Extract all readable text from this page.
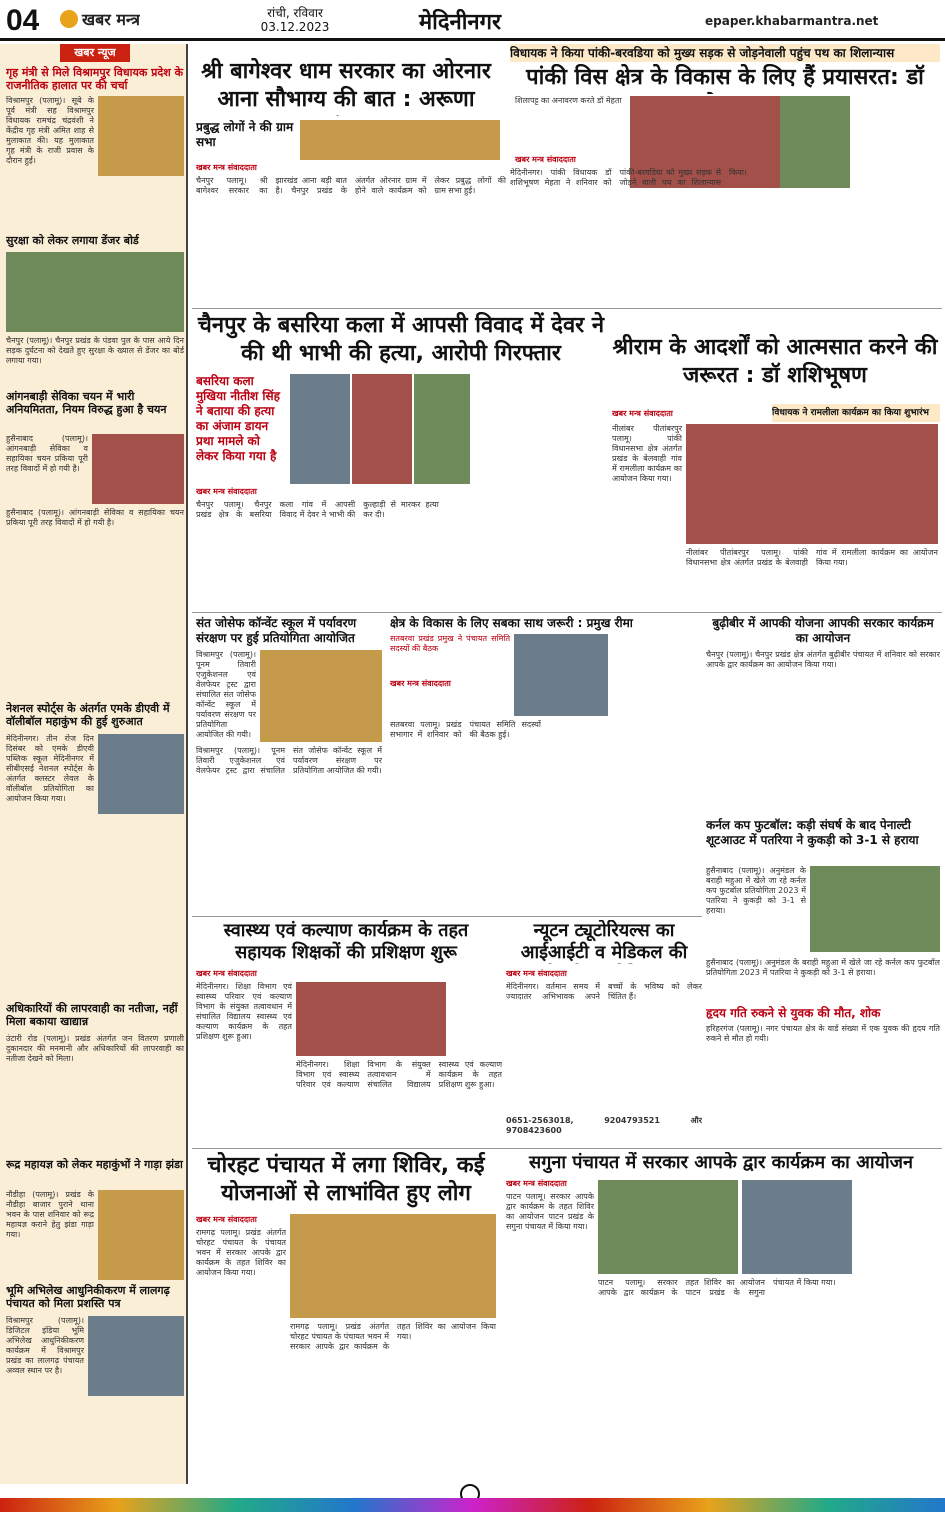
04	खबर मन्त्र	रांची, रविवार
03.12.2023	मेदिनीनगर	epaper.khabarmantra.net
खबर न्यूज
गृह मंत्री से मिले विश्रामपुर विधायक प्रदेश के राजनीतिक हालात पर की चर्चा
विश्रामपुर (पलामू)। सूबे के पूर्व मंत्री सह विश्रामपुर विधायक रामचंद्र चंद्रवंशी ने केंद्रीय गृह मंत्री अमित शाह से मुलाकात की। यह मुलाकात गृह मंत्री के राजी प्रवास के दौरान हुई।
सुरक्षा को लेकर लगाया डेंजर बोर्ड
चैनपुर (पलामू)। चैनपुर प्रखंड के पंडवा पुल के पास आये दिन सड़क दुर्घटना को देखते हुए सुरक्षा के ख्याल से डेंजर का बोर्ड लगाया गया।
आंगनबाड़ी सेविका चयन में भारी अनियमितता, नियम विरुद्ध हुआ है चयन
हुसैनाबाद (पलामू)। आंगनबाड़ी सेविका व सहायिका चयन प्रकिया पूरी तरह विवादों में हो गयी है।
हुसैनाबाद (पलामू)। आंगनबाड़ी सेविका व सहायिका चयन प्रकिया पूरी तरह विवादों में हो गयी है।
नेशनल स्पोर्ट्स के अंतर्गत एमके डीएवी में वॉलीबॉल महाकुंभ की हुई शुरुआत
मेदिनीनगर। तीन रोज दिन दिसंबर को एमके डीएवी पब्लिक स्कूल मेदिनीनगर में सीबीएसई नेशनल स्पोर्ट्स के अंतर्गत क्लस्टर लेवल के वॉलीबॉल प्रतियोगिता का आयोजन किया गया।
अधिकारियों की लापरवाही का नतीजा, नहीं मिला बकाया खाद्यान्न
उंटारी रोड (पलामू)। प्रखंड अंतर्गत जन वितरण प्रणाली दुकानदार की मनमानी और अधिकारियों की लापरवाही का नतीजा देखने को मिला।
रूद्र महायज्ञ को लेकर महाकुंभों ने गाड़ा झंडा
नौडीहा (पलामू)। प्रखंड के नौडीहा बाजार पुराने थाना भवन के पास शनिवार को रूद्र महायज्ञ कराने हेतु झंडा गाड़ा गया।
भूमि अभिलेख आधुनिकीकरण में लालगढ़ पंचायत को मिला प्रशस्ति पत्र
विश्रामपुर (पलामू)। डिजिटल इंडिया भूमि अभिलेख आधुनिकीकरण कार्यक्रम में विश्रामपुर प्रखंड का लालगढ़ पंचायत अव्वल स्थान पर है।
विधायक ने किया पांकी-बरवडिया को मुख्य सड़क से जोड़नेवाली पहुंच पथ का शिलान्यास
श्री बागेश्वर धाम सरकार का ओरनार आना सौभाग्य की बात : अरूणा
प्रबुद्ध लोगों ने की ग्राम सभा
खबर मन्त्र संवाददाता
चैनपुर पलामू। श्री बागेश्वर सरकार का झारखंड आना बड़ी बात है। चैनपुर प्रखंड के अंतर्गत ओरनार ग्राम में होने वाले कार्यक्रम को लेकर प्रबुद्ध लोगों की ग्राम सभा हुई।
पांकी विस क्षेत्र के विकास के लिए हैं प्रयासरत: डॉ
शिलापट्ट का अनावरण करते डॉ मेहता
खबर मन्त्र संवाददाता
मेदिनीनगर। पांकी विधायक डॉ शशिभूषण मेहता ने शनिवार को पांकी-बरवडिया को मुख्य सड़क से जोड़ने वाली पथ का शिलान्यास किया।
चैनपुर के बसरिया कला में आपसी विवाद में देवर ने की थी भाभी की हत्या, आरोपी गिरफ्तार
बसरिया कला मुखिया नीतीश सिंह ने बताया की हत्या का अंजाम डायन प्रथा मामले को लेकर किया गया है
खबर मन्त्र संवाददाता
चैनपुर पलामू। चैनपुर प्रखंड क्षेत्र के बसरिया कला गांव में आपसी विवाद में देवर ने भाभी की कुल्हाड़ी से मारकर हत्या कर दी।
श्रीराम के आदर्शों को आत्मसात करने की जरूरत : डॉ शशिभूषण
खबर मन्त्र संवाददाता	विधायक ने रामलीला कार्यक्रम का किया शुभारंभ
नीलांबर पीतांबरपुर पलामू। पांकी विधानसभा क्षेत्र अंतर्गत प्रखंड के बेलवाही गांव में रामलीला कार्यक्रम का आयोजन किया गया।
नीलांबर पीतांबरपुर पलामू। पांकी विधानसभा क्षेत्र अंतर्गत प्रखंड के बेलवाही गांव में रामलीला कार्यक्रम का आयोजन किया गया।
संत जोसेफ कॉन्वेंट स्कूल में पर्यावरण संरक्षण पर हुई प्रतियोगिता आयोजित
विश्रामपुर (पलामू)। पूनम तिवारी एजुकेशनल एवं वेलफेयर ट्रस्ट द्वारा संचालित संत जोसेफ कॉन्वेंट स्कूल में पर्यावरण संरक्षण पर प्रतियोगिता आयोजित की गयी।
विश्रामपुर (पलामू)। पूनम तिवारी एजुकेशनल एवं वेलफेयर ट्रस्ट द्वारा संचालित संत जोसेफ कॉन्वेंट स्कूल में पर्यावरण संरक्षण पर प्रतियोगिता आयोजित की गयी।
क्षेत्र के विकास के लिए सबका साथ जरूरी : प्रमुख रीमा
सतबरवा प्रखंड प्रमुख ने पंचायत समिति सदस्यों की बैठक
खबर मन्त्र संवाददाता
सतबरवा पलामू। प्रखंड सभागार में शनिवार को पंचायत समिति सदस्यों की बैठक हुई।
बुढ़ीबीर में आपकी योजना आपकी सरकार कार्यक्रम का आयोजन
चैनपुर (पलामू)। चैनपुर प्रखंड क्षेत्र अंतर्गत बुढ़ीबीर पंचायत में शनिवार को सरकार आपके द्वार कार्यक्रम का आयोजन किया गया।
कर्नल कप फुटबॉल: कड़ी संघर्ष के बाद पेनाल्टी शूटआउट में पतरिया ने कुकड़ी को 3-1 से हराया
हुसैनाबाद (पलामू)। अनुमंडल के बराही महुआ में खेले जा रहे कर्नल कप फुटबॉल प्रतियोगिता 2023 में पतरिया ने कुकड़ी को 3-1 से हराया।
हुसैनाबाद (पलामू)। अनुमंडल के बराही महुआ में खेले जा रहे कर्नल कप फुटबॉल प्रतियोगिता 2023 में पतरिया ने कुकड़ी को 3-1 से हराया।
हृदय गति रुकने से युवक की मौत, शोक
हरिहरगंज (पलामू)। नगर पंचायत क्षेत्र के वार्ड संख्या में एक युवक की हृदय गति रुकने से मौत हो गयी।
स्वास्थ्य एवं कल्याण कार्यक्रम के तहत सहायक शिक्षकों की प्रशिक्षण शुरू
खबर मन्त्र संवाददाता
मेदिनीनगर। शिक्षा विभाग एवं स्वास्थ्य परिवार एवं कल्याण विभाग के संयुक्त तत्वावधान में संचालित विद्यालय स्वास्थ्य एवं कल्याण कार्यक्रम के तहत प्रशिक्षण शुरू हुआ।
मेदिनीनगर। शिक्षा विभाग एवं स्वास्थ्य परिवार एवं कल्याण विभाग के संयुक्त तत्वावधान में संचालित विद्यालय स्वास्थ्य एवं कल्याण कार्यक्रम के तहत प्रशिक्षण शुरू हुआ।
न्यूटन ट्यूटोरियल्स का आईआईटी व मेडिकल की
खबर मन्त्र संवाददाता
मेदिनीनगर। वर्तमान समय में ज्यादातर अभिभावक अपने बच्चों के भविष्य को लेकर चिंतित हैं।
0651-2563018, 9204793521 और 9708423600
चोरहट पंचायत में लगा शिविर, कई योजनाओं से लाभांवित हुए लोग
खबर मन्त्र संवाददाता
रामगढ़ पलामू। प्रखंड अंतर्गत चोरहट पंचायत के पंचायत भवन में सरकार आपके द्वार कार्यक्रम के तहत शिविर का आयोजन किया गया।
रामगढ़ पलामू। प्रखंड अंतर्गत चोरहट पंचायत के पंचायत भवन में सरकार आपके द्वार कार्यक्रम के तहत शिविर का आयोजन किया गया।
सगुना पंचायत में सरकार आपके द्वार कार्यक्रम का आयोजन
खबर मन्त्र संवाददाता
पाटन पलामू। सरकार आपके द्वार कार्यक्रम के तहत शिविर का आयोजन पाटन प्रखंड के सगुना पंचायत में किया गया।
पाटन पलामू। सरकार आपके द्वार कार्यक्रम के तहत शिविर का आयोजन पाटन प्रखंड के सगुना पंचायत में किया गया।
